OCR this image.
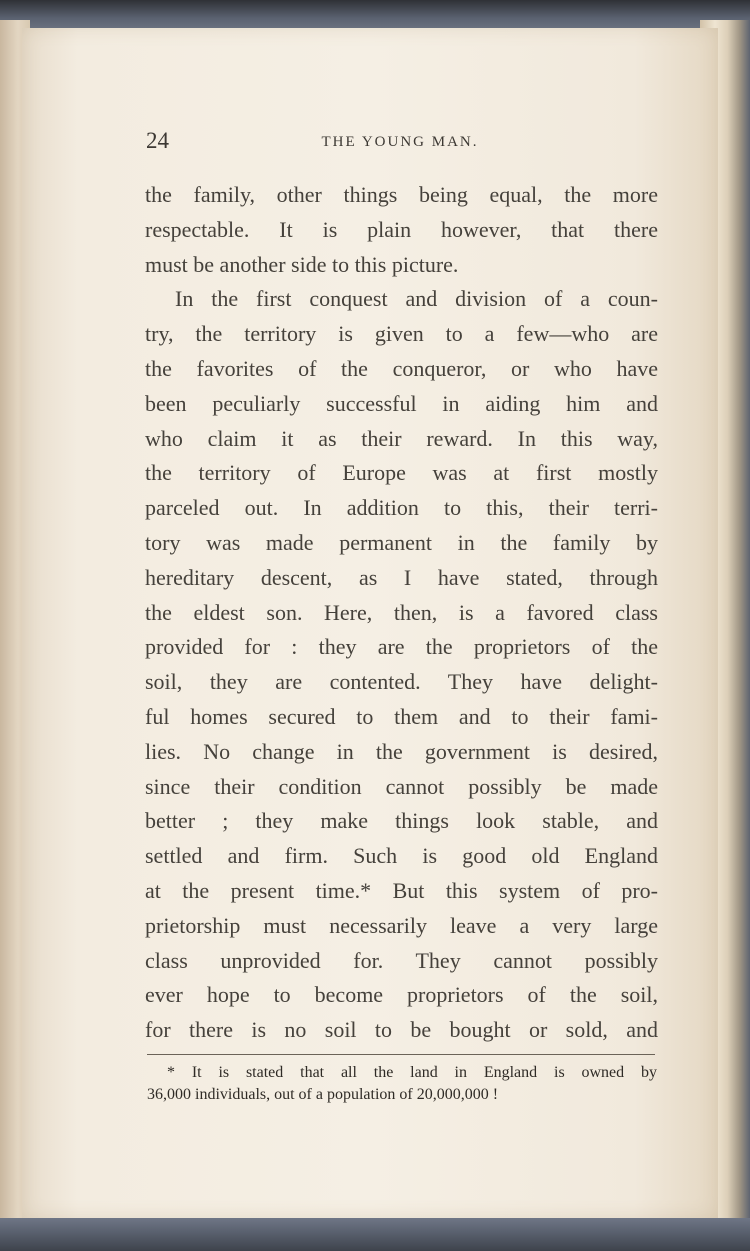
24	THE YOUNG MAN.
the family, other things being equal, the more
respectable. It is plain however, that there
must be another side to this picture.
In the first conquest and division of a coun-
try, the territory is given to a few—who are
the favorites of the conqueror, or who have
been peculiarly successful in aiding him and
who claim it as their reward. In this way,
the territory of Europe was at first mostly
parceled out. In addition to this, their terri-
tory was made permanent in the family by
hereditary descent, as I have stated, through
the eldest son. Here, then, is a favored class
provided for : they are the proprietors of the
soil, they are contented. They have delight-
ful homes secured to them and to their fami-
lies. No change in the government is desired,
since their condition cannot possibly be made
better ; they make things look stable, and
settled and firm. Such is good old England
at the present time.* But this system of pro-
prietorship must necessarily leave a very large
class unprovided for. They cannot possibly
ever hope to become proprietors of the soil,
for there is no soil to be bought or sold, and
* It is stated that all the land in England is owned by
36,000 individuals, out of a population of 20,000,000 !
